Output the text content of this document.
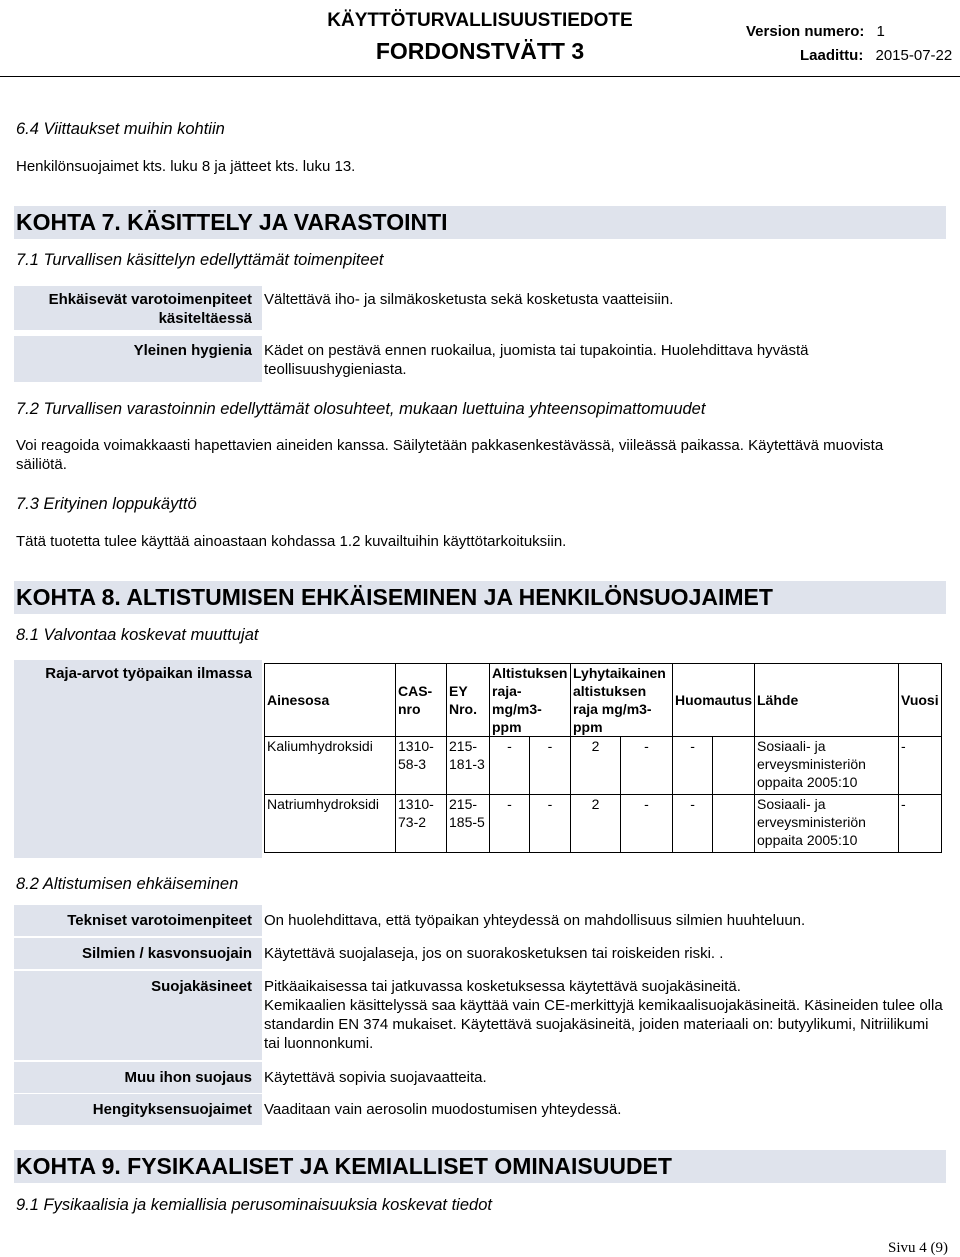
KÄYTTÖTURVALLISUUSTIEDOTE
FORDONSTVÄTT 3
Version numero: 1
Laadittu: 2015-07-22
6.4 Viittaukset muihin kohtiin
Henkilönsuojaimet kts. luku 8 ja jätteet kts. luku 13.
KOHTA 7. KÄSITTELY JA VARASTOINTI
7.1 Turvallisen käsittelyn edellyttämät toimenpiteet
Ehkäisevät varotoimenpiteet käsiteltäessä
Vältettävä iho- ja silmäkosketusta sekä kosketusta vaatteisiin.
Yleinen hygienia Kädet on pestävä ennen ruokailua, juomista tai tupakointia. Huolehdittava hyvästä teollisuushygieniasta.
7.2 Turvallisen varastoinnin edellyttämät olosuhteet, mukaan luettuina yhteensopimattomuudet
Voi reagoida voimakkaasti hapettavien aineiden kanssa. Säilytetään pakkasenkestävässä, viileässä paikassa. Käytettävä muovista säiliötä.
7.3 Erityinen loppukäyttö
Tätä tuotetta tulee käyttää ainoastaan kohdassa 1.2 kuvailtuihin käyttötarkoituksiin.
KOHTA 8. ALTISTUMISEN EHKÄISEMINEN JA HENKILÖNSUOJAIMET
8.1 Valvontaa koskevat muuttujat
Raja-arvot työpaikan ilmassa
Ainesosa	CAS-nro	EY Nro.	Altistuksen raja-mg/m3-ppm		Lyhytaikainen altistuksen raja mg/m3-ppm		Huomautus		Lähde	Vuosi
Kaliumhydroksidi	1310-58-3	215-181-3	-	-	2	-	-		Sosiaali- ja erveysministeriön oppaita 2005:10	-
Natriumhydroksidi	1310-73-2	215-185-5	-	-	2	-	-		Sosiaali- ja erveysministeriön oppaita 2005:10	-
8.2 Altistumisen ehkäiseminen
Tekniset varotoimenpiteet On huolehdittava, että työpaikan yhteydessä on mahdollisuus silmien huuhteluun.
Silmien / kasvonsuojain Käytettävä suojalaseja, jos on suorakosketuksen tai roiskeiden riski. .
Suojakäsineet Pitkäaikaisessa tai jatkuvassa kosketuksessa käytettävä suojakäsineitä.
Kemikaalien käsittelyssä saa käyttää vain CE-merkittyjä kemikaalisuojakäsineitä. Käsineiden tulee olla standardin EN 374 mukaiset. Käytettävä suojakäsineitä, joiden materiaali on: butyylikumi, Nitriilikumi tai luonnonkumi.
Muu ihon suojaus Käytettävä sopivia suojavaatteita.
Hengityksensuojaimet Vaaditaan vain aerosolin muodostumisen yhteydessä.
KOHTA 9. FYSIKAALISET JA KEMIALLISET OMINAISUUDET
9.1 Fysikaalisia ja kemiallisia perusominaisuuksia koskevat tiedot
Sivu 4 (9)
